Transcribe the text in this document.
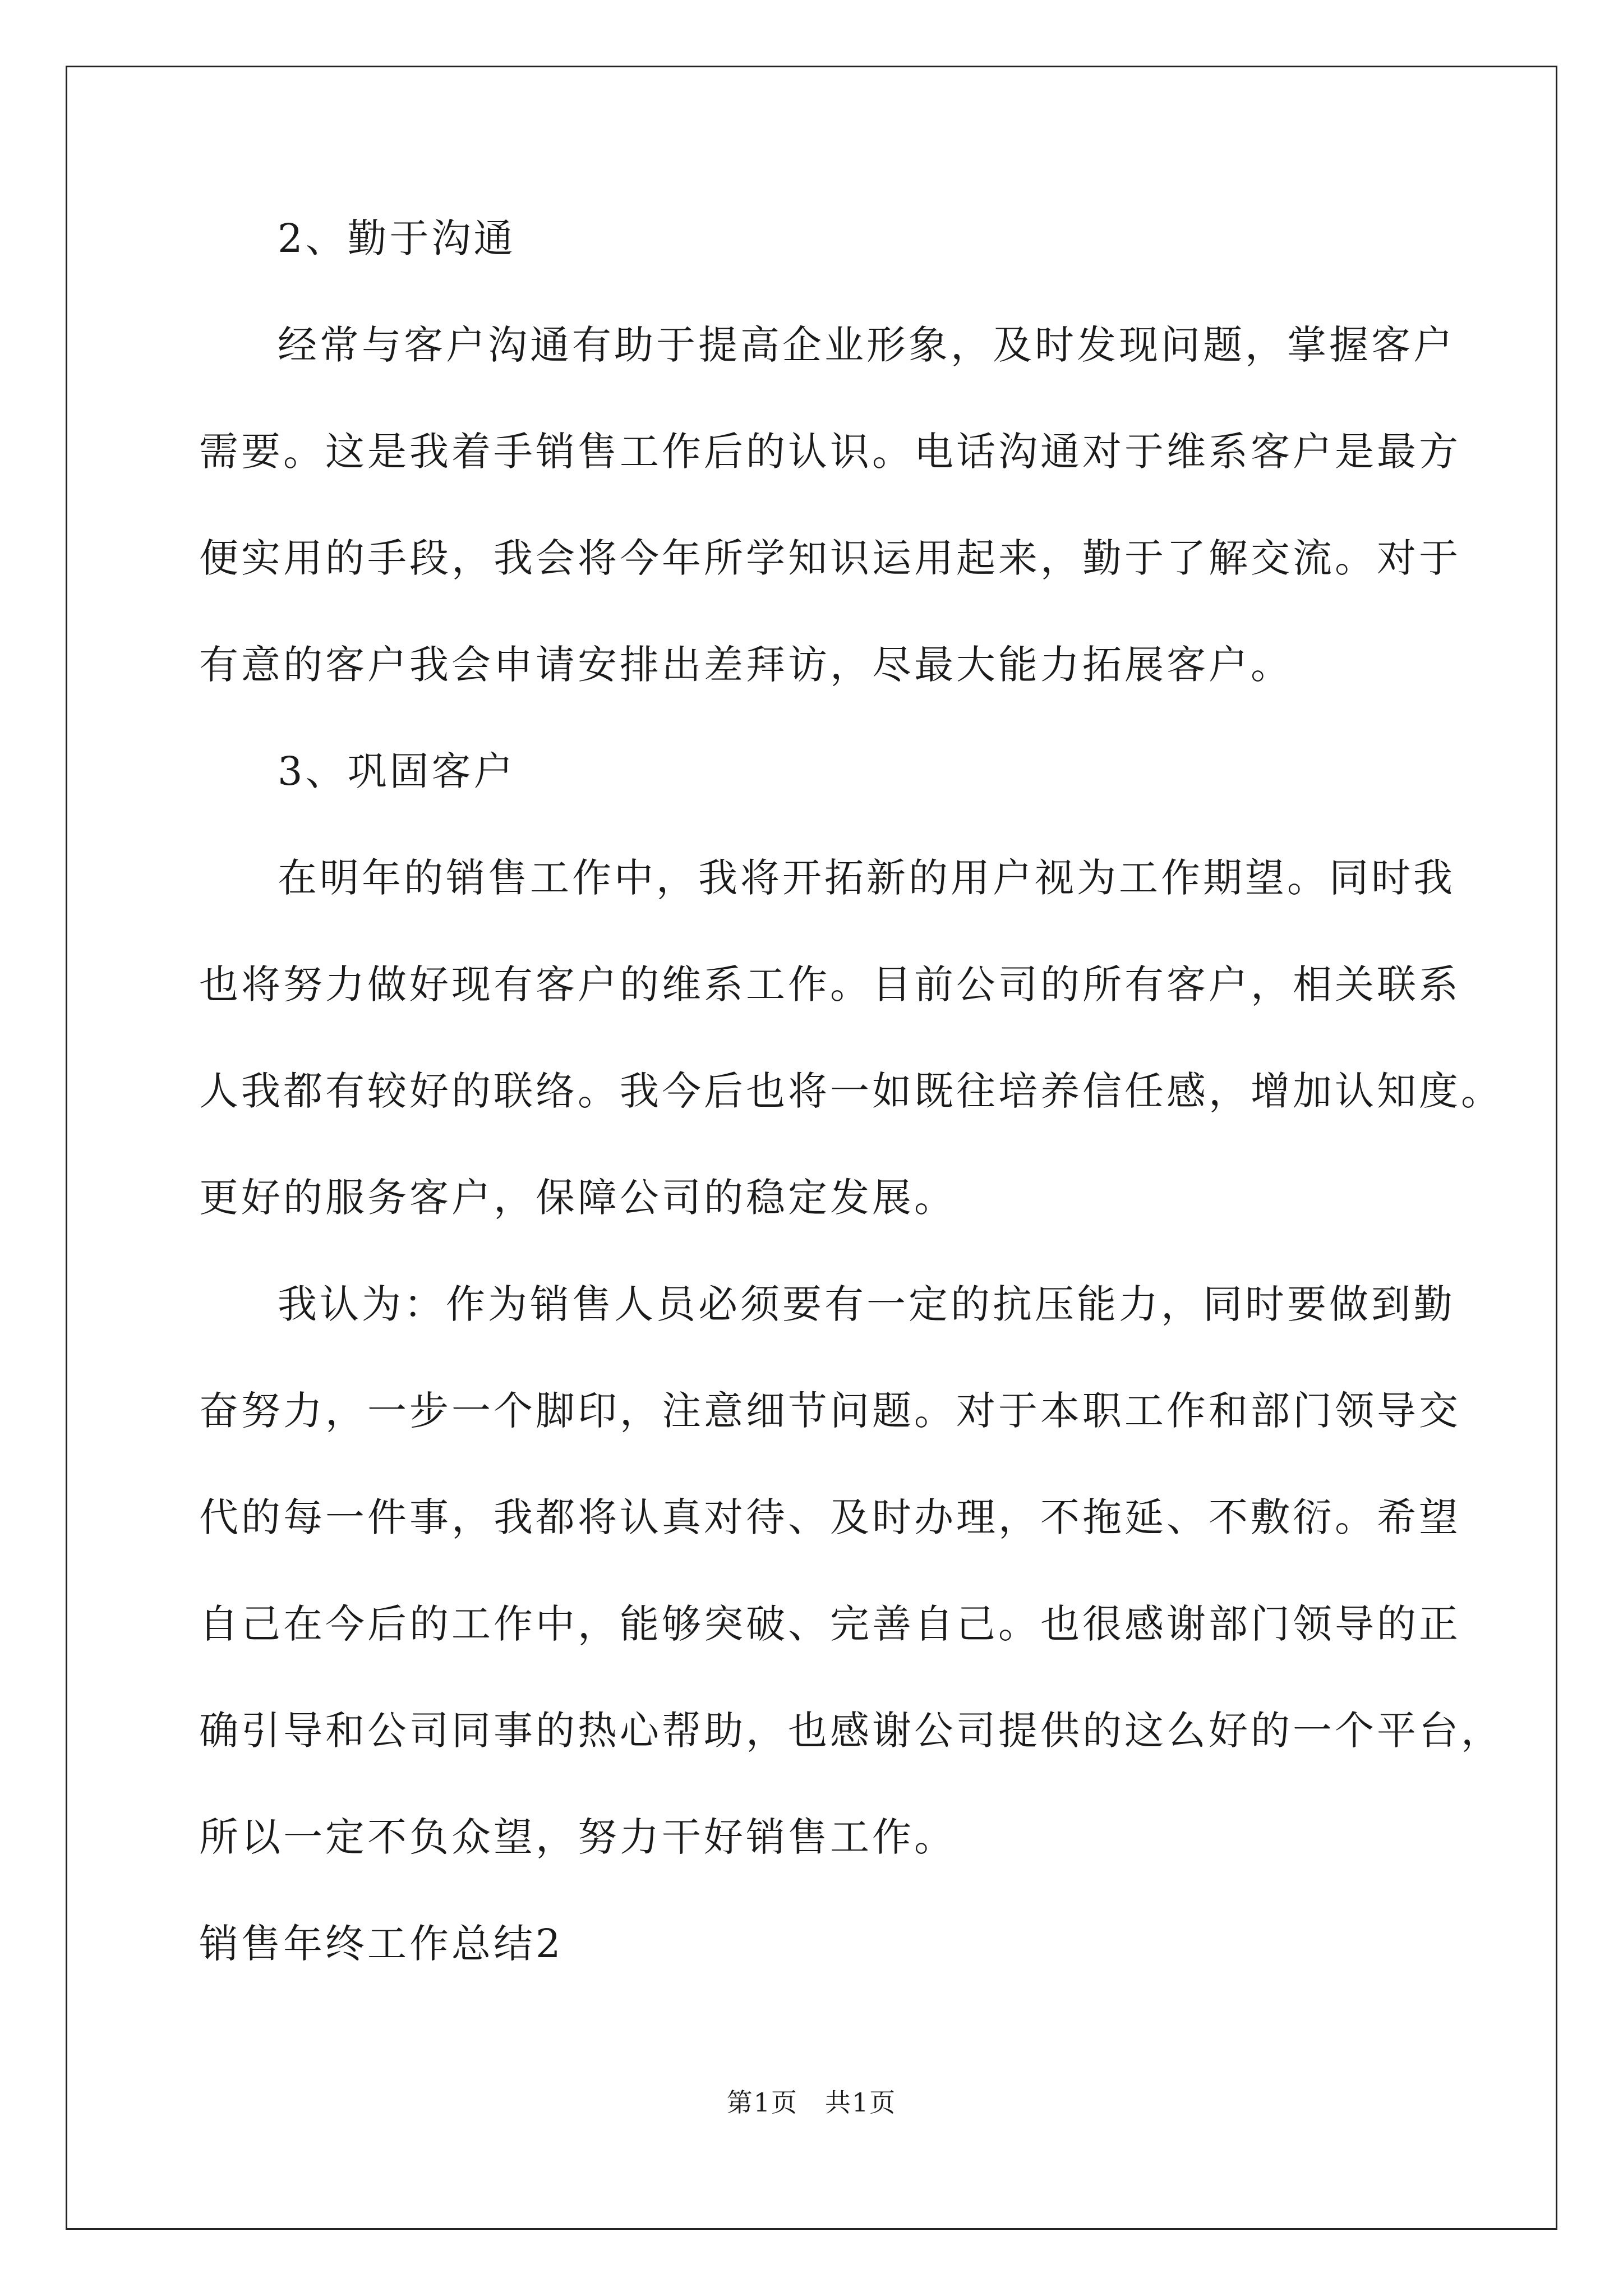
2、勤于沟通
经常与客户沟通有助于提高企业形象，及时发现问题，掌握客户
需要。这是我着手销售工作后的认识。电话沟通对于维系客户是最方
便实用的手段，我会将今年所学知识运用起来，勤于了解交流。对于
有意的客户我会申请安排出差拜访，尽最大能力拓展客户。
3、巩固客户
在明年的销售工作中，我将开拓新的用户视为工作期望。同时我
也将努力做好现有客户的维系工作。目前公司的所有客户，相关联系
人我都有较好的联络。我今后也将一如既往培养信任感，增加认知度。
更好的服务客户，保障公司的稳定发展。
我认为：作为销售人员必须要有一定的抗压能力，同时要做到勤
奋努力，一步一个脚印，注意细节问题。对于本职工作和部门领导交
代的每一件事，我都将认真对待、及时办理，不拖延、不敷衍。希望
自己在今后的工作中，能够突破、完善自己。也很感谢部门领导的正
确引导和公司同事的热心帮助，也感谢公司提供的这么好的一个平台，
所以一定不负众望，努力干好销售工作。
销售年终工作总结2
第1页　共1页
